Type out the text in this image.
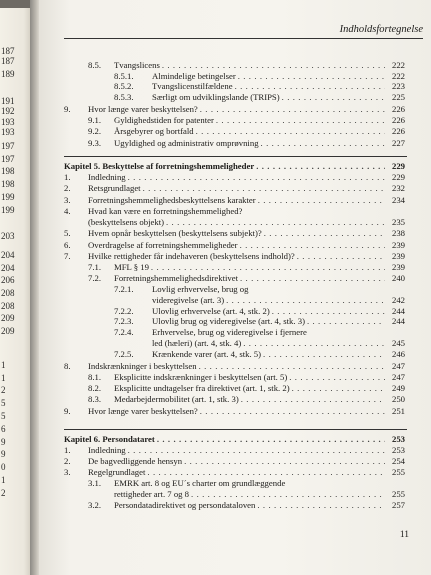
187
187
189
191
192
193
193
197
197
198
198
199
199
203
204
204
206
208
208
209
209
1
1
2
5
5
6
9
9
0
1
2
Indholdsfortegnelse
8.5. Tvangslicens . . .	222
8.5.1. Almindelige betingelser . . .	222
8.5.2. Tvangslicenstilfældene . . .	223
8.5.3. Særligt om udviklingslande (TRIPS) . . .	225
9. Hvor længe varer beskyttelsen? . . .	226
9.1. Gyldighedstiden for patenter . . .	226
9.2. Årsgebyrer og bortfald . . .	226
9.3. Ugyldighed og administrativ omprøvning . . .	227
Kapitel 5. Beskyttelse af forretningshemmeligheder . . .	229
1. Indledning . . .	229
2. Retsgrundlaget . . .	232
3. Forretningshemmelighedsbeskyttelsens karakter . . .	234
4. Hvad kan være en forretningshemmelighed?
(beskyttelsens objekt) . . .	235
5. Hvem opnår beskyttelsen (beskyttelsens subjekt)? . . .	238
6. Overdragelse af forretningshemmeligheder . . .	239
7. Hvilke rettigheder får indehaveren (beskyttelsens indhold)? . . .	239
7.1. MFL § 19 . . .	239
7.2. Forretningshemmelighedsdirektivet . . .	240
7.2.1. Lovlig erhvervelse, brug og
videregivelse (art. 3) . . .	242
7.2.2. Ulovlig erhvervelse (art. 4, stk. 2) . . .	244
7.2.3. Ulovlig brug og videregivelse (art. 4, stk. 3) . . .	244
7.2.4. Erhvervelse, brug og videregivelse i fjernere
led (hæleri) (art. 4, stk. 4) . . .	245
7.2.5. Krænkende varer (art. 4, stk. 5) . . .	246
8. Indskrænkninger i beskyttelsen . . .	247
8.1. Eksplicitte indskrænkninger i beskyttelsen (art. 5) . . .	247
8.2. Eksplicitte undtagelser fra direktivet (art. 1, stk. 2) . . .	249
8.3. Medarbejdermobilitet (art. 1, stk. 3) . . .	250
9. Hvor længe varer beskyttelsen? . . .	251
Kapitel 6. Persondataret . . .	253
1. Indledning . . .	253
2. De bagvedliggende hensyn . . .	254
3. Regelgrundlaget . . .	255
3.1. EMRK art. 8 og EU´s charter om grundlæggende
rettigheder art. 7 og 8 . . .	255
3.2. Persondatadirektivet og persondataloven . . .	257
11
